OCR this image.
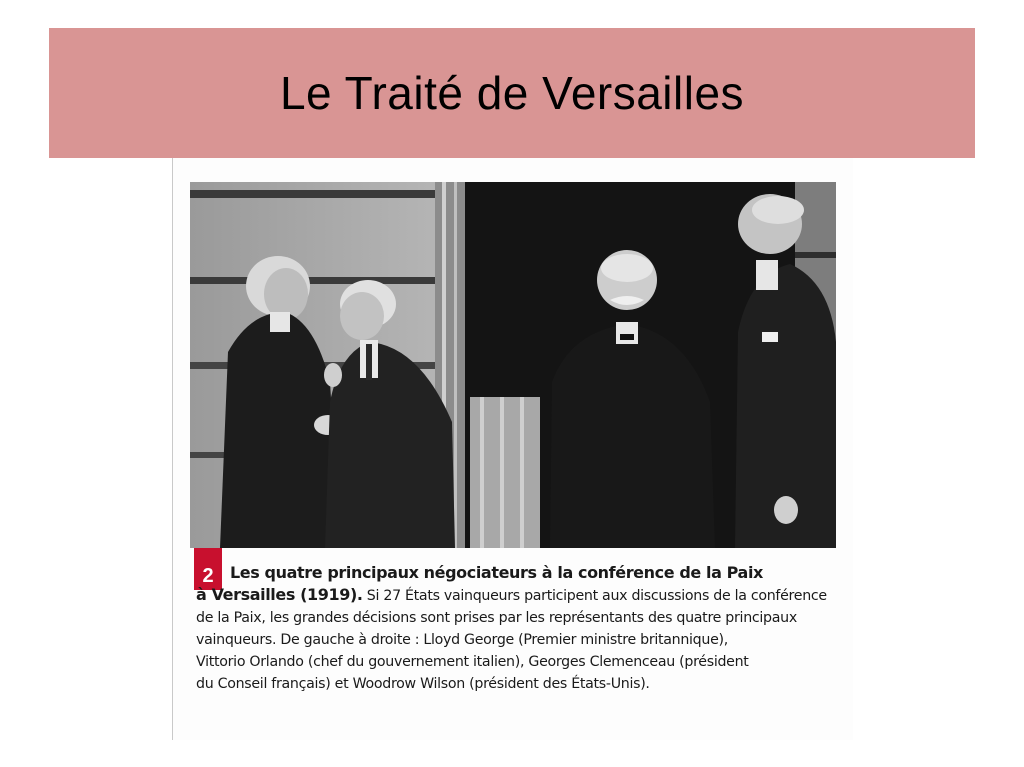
Le Traité de Versailles
2	Les quatre principaux négociateurs à la conférence de la Paix
à Versailles (1919). Si 27 États vainqueurs participent aux discussions de la conférence
de la Paix, les grandes décisions sont prises par les représentants des quatre principaux
vainqueurs. De gauche à droite : Lloyd George (Premier ministre britannique),
Vittorio Orlando (chef du gouvernement italien), Georges Clemenceau (président
du Conseil français) et Woodrow Wilson (président des États-Unis).
